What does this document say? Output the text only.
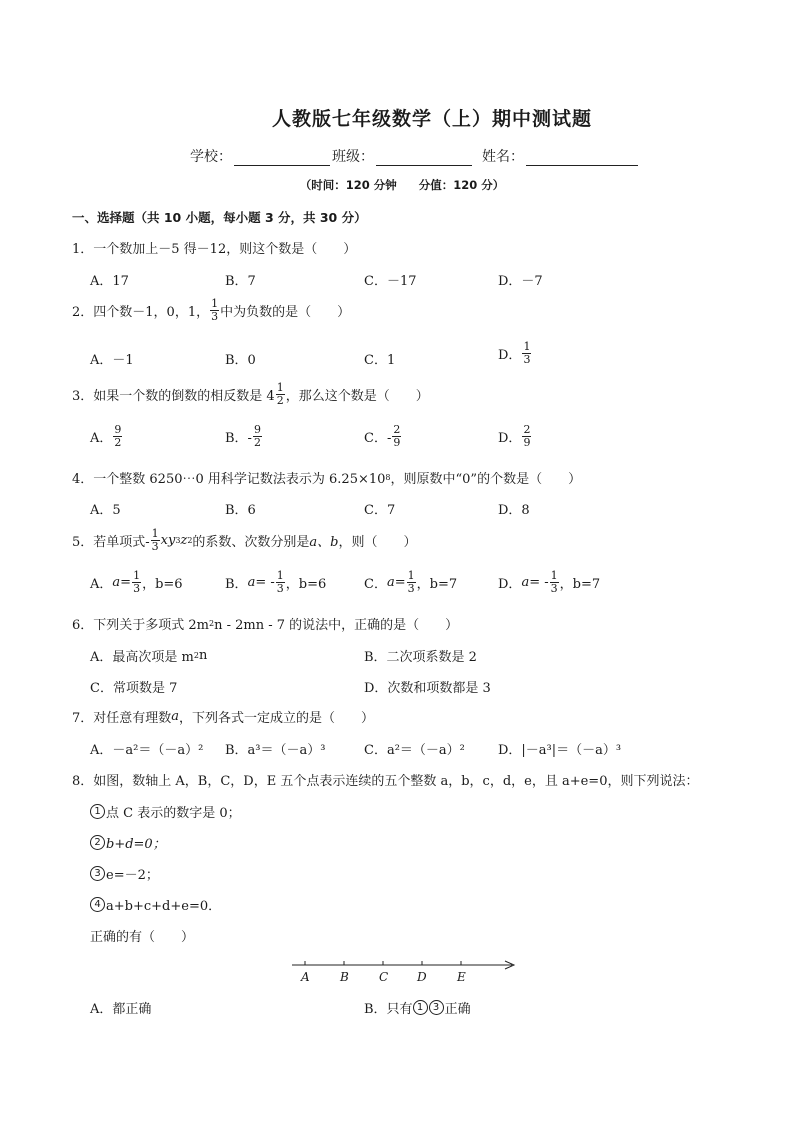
人教版七年级数学（上）期中测试题
学校：	班级：	姓名：
（时间：120 分钟 分值：120 分）
一、选择题（共 10 小题，每小题 3 分，共 30 分）
1．一个数加上－5 得－12，则这个数是（　　）
A．17	B．7	C．－17	D．－7
2．四个数－1，0，1， $\frac{1}{3}$ 中为负数的是（　　）
A．－1	B．0	C．1	D． $\frac{1}{3}$
3．如果一个数的倒数的相反数是 $4 \frac{1}{2}$ ，那么这个数是（　　）
A． $\frac{9}{2}$	B．- $\frac{9}{2}$	C．- $\frac{2}{9}$	D． $\frac{2}{9}$
4．一个整数 6250⋯0 用科学记数法表示为 6.25×10 8 ，则原数中“0”的个数是（　　）
A．5	B．6	C．7	D．8
5．若单项式- $\frac{1}{3}$ xy 3 z 2 的系数、次数分别是 a、b ，则（　　）
A． $a = \frac{1}{3}$ ，b=6	B． a = - $\frac{1}{3}$ ，b=6	C． $a = \frac{1}{3}$ ，b=7	D． a = - $\frac{1}{3}$ ，b=7
6．下列关于多项式 2m 2 n - 2mn - 7 的说法中，正确的是（　　）
A．最高次项是 m 2 n	B．二次项系数是 2
C．常项数是 7	D．次数和项数都是 3
7．对任意有理数 a ，下列各式一定成立的是（　　）
A．－a²＝（－a）² B．a³＝（－a）³	C．a²＝（－a）²	D．|－a³|＝（－a）³
8．如图，数轴上 A，B，C，D，E 五个点表示连续的五个整数 a，b，c，d，e，且 a+e=0，则下列说法：
1 点 C 表示的数字是 0；
2 b+d=0；
3 e=－2；
4 a+b+c+d+e=0．
正确的有（　　）
A	B	C D	E
A．都正确	B．只有 1 3 正确
